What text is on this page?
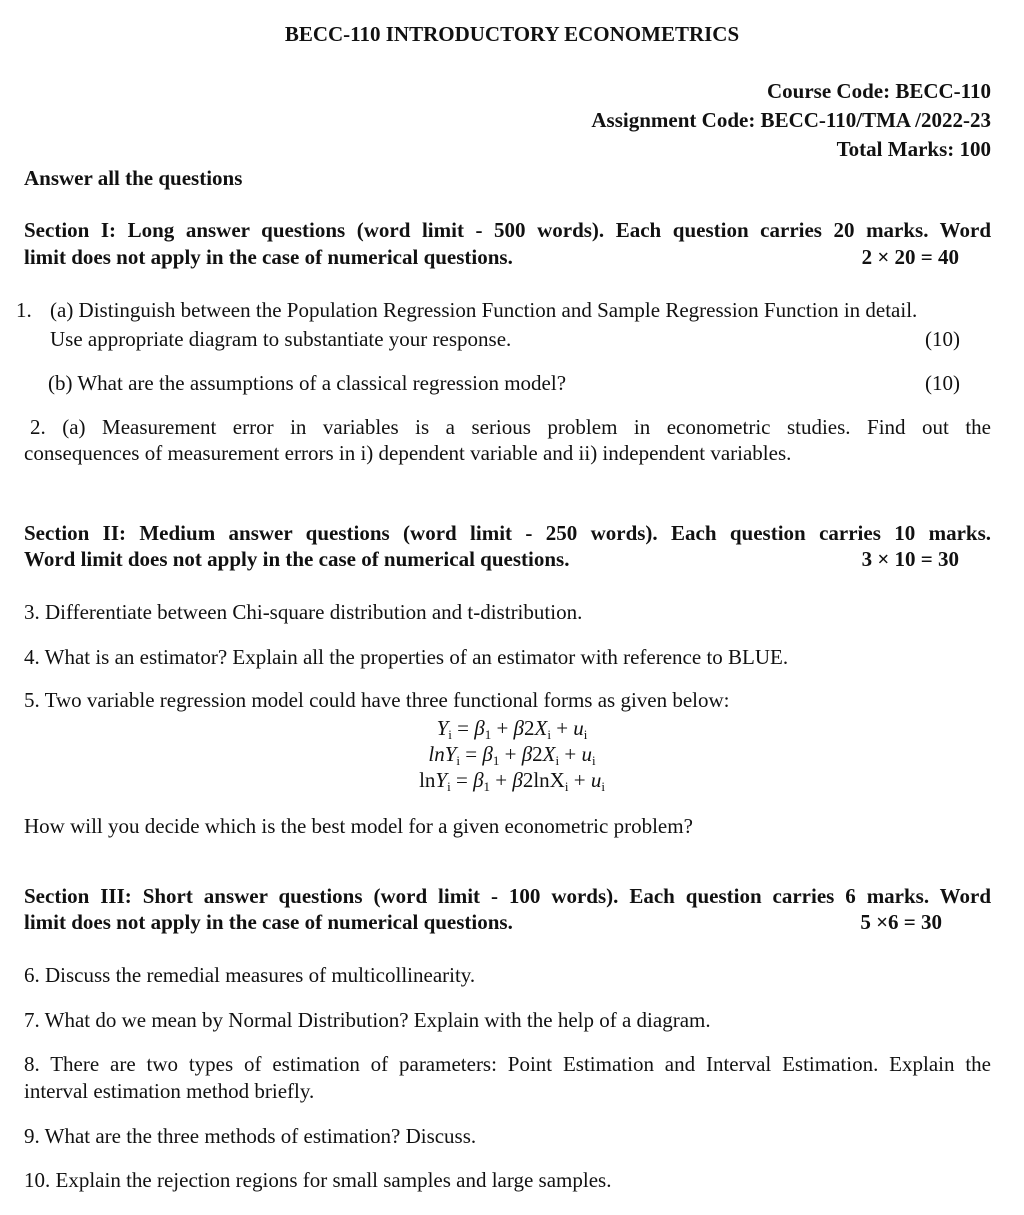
BECC-110 INTRODUCTORY ECONOMETRICS
Course Code: BECC-110
Assignment Code: BECC-110/TMA /2022-23
Total Marks: 100
Answer all the questions
Section I: Long answer questions (word limit - 500 words). Each question carries 20 marks. Word
limit does not apply in the case of numerical questions.	2 × 20 = 40
1. (a) Distinguish between the Population Regression Function and Sample Regression Function in detail.
Use appropriate diagram to substantiate your response.	(10)
(b) What are the assumptions of a classical regression model?	(10)
2. (a) Measurement error in variables is a serious problem in econometric studies. Find out the
consequences of measurement errors in i) dependent variable and ii) independent variables.
Section II: Medium answer questions (word limit - 250 words). Each question carries 10 marks.
Word limit does not apply in the case of numerical questions.	3 × 10 = 30
3. Differentiate between Chi-square distribution and t-distribution.
4. What is an estimator? Explain all the properties of an estimator with reference to BLUE.
5. Two variable regression model could have three functional forms as given below:
$Y_i = \beta_1 + \beta 2X_i + u_i$
$\ln Y_i = \beta_1 + \beta 2X_i + u_i$
$\ln Y_i = \beta_1 + \beta 2\ln X_i + u_i$
How will you decide which is the best model for a given econometric problem?
Section III: Short answer questions (word limit - 100 words). Each question carries 6 marks. Word
limit does not apply in the case of numerical questions.	5 ×6 = 30
6. Discuss the remedial measures of multicollinearity.
7. What do we mean by Normal Distribution? Explain with the help of a diagram.
8. There are two types of estimation of parameters: Point Estimation and Interval Estimation. Explain the
interval estimation method briefly.
9. What are the three methods of estimation? Discuss.
10. Explain the rejection regions for small samples and large samples.
